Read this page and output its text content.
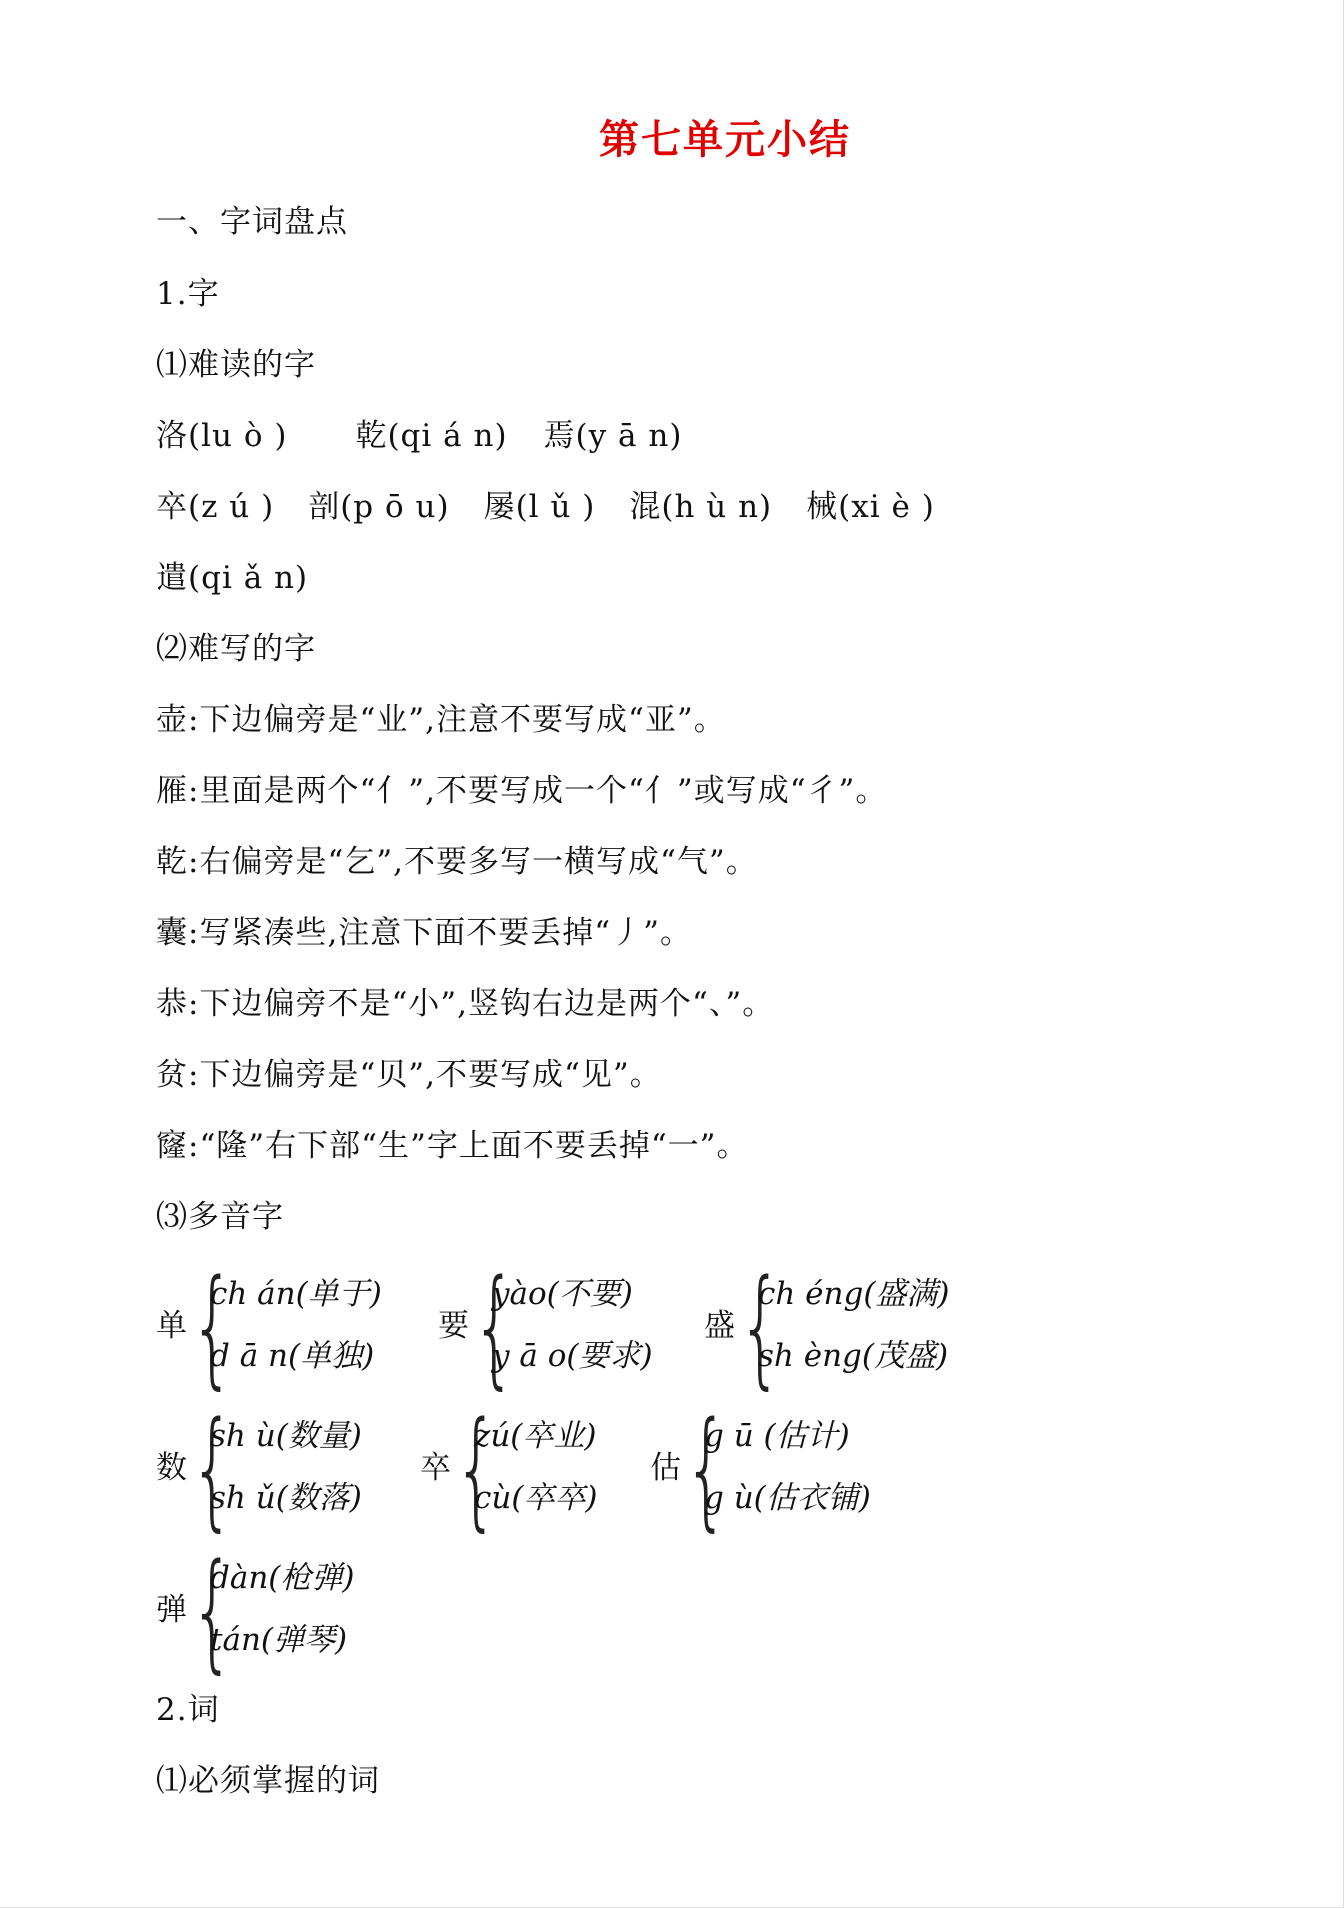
第七单元小结
一、字词盘点
1.字
⑴难读的字
洛(lu ò ) 乾(qi á n) 焉(y ā n)
卒(z ú ) 剖(p ō u) 屡(l ǔ ) 混(h ù n) 械(xi è )
遣(qi ǎ n)
⑵难写的字
壶:下边偏旁是“业”,注意不要写成“亚”。
雁:里面是两个“亻”,不要写成一个“亻”或写成“彳”。
乾:右偏旁是“乞”,不要多写一横写成“气”。
囊:写紧凑些,注意下面不要丢掉“丿”。
恭:下边偏旁不是“小”,竖钩右边是两个“、”。
贫:下边偏旁是“贝”,不要写成“见”。
窿:“隆”右下部“生”字上面不要丢掉“一”。
⑶多音字
单 {
ch án(单于)
d ā n(单独)
要 {
yào(不要)
y ā o(要求)
盛 {
ch éng(盛满)
sh èng(茂盛)
数 {
sh ù(数量)
sh ǔ(数落)
卒 {
zú(卒业)
cù(卒卒)
估 {
g ū (估计)
g ù(估衣铺)
弹 {
dàn(枪弹)
tán(弹琴)
2.词
⑴必须掌握的词
